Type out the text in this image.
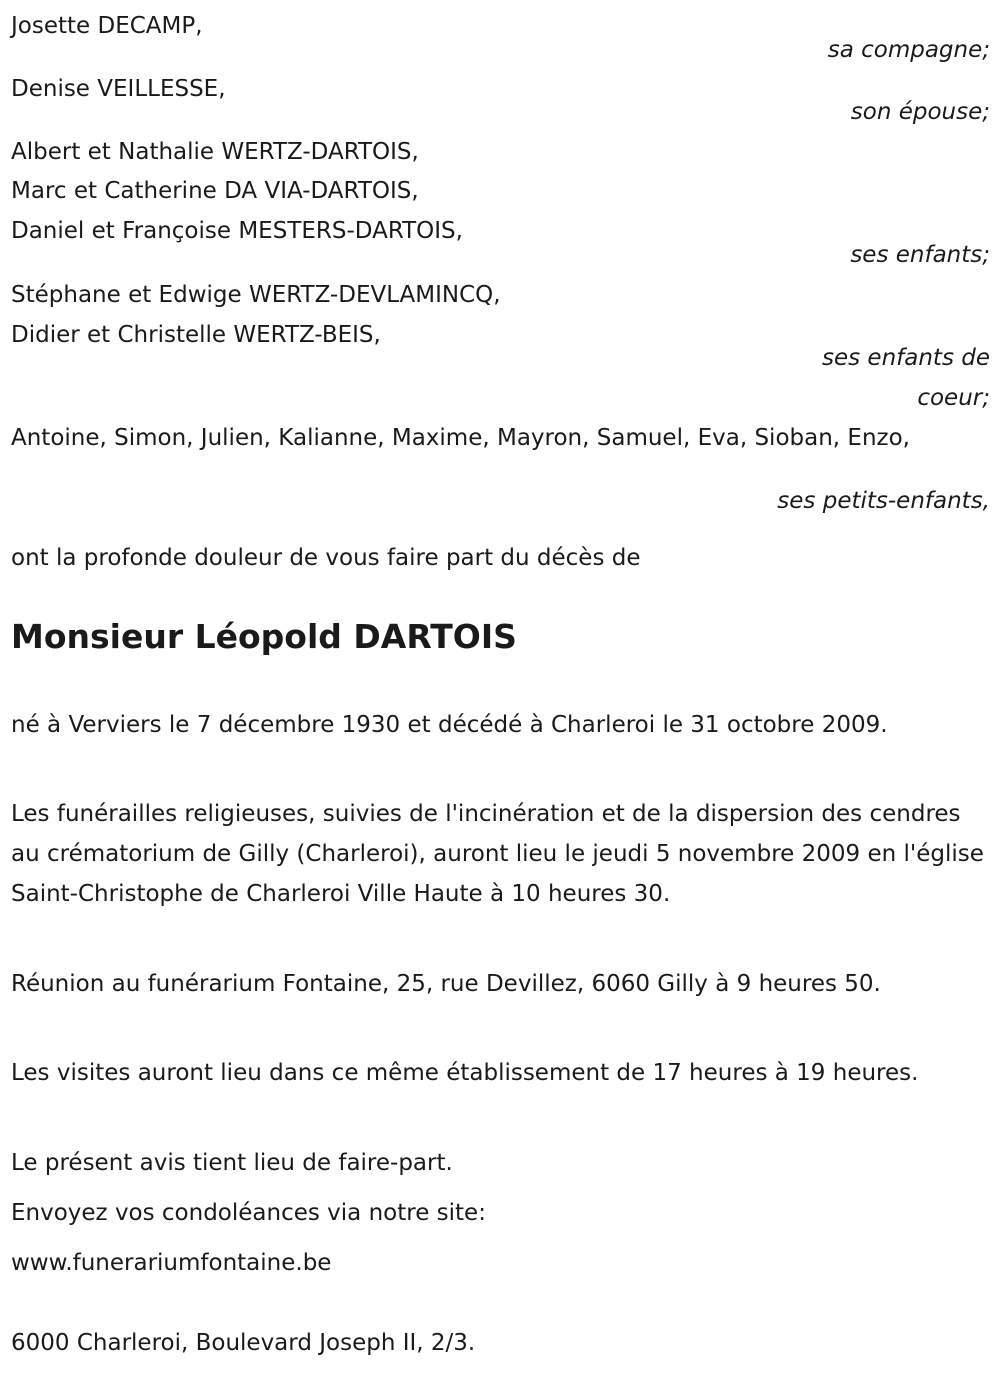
Josette DECAMP,
sa compagne;
Denise VEILLESSE,
son épouse;
Albert et Nathalie WERTZ-DARTOIS,
Marc et Catherine DA VIA-DARTOIS,
Daniel et Françoise MESTERS-DARTOIS,
ses enfants;
Stéphane et Edwige WERTZ-DEVLAMINCQ,
Didier et Christelle WERTZ-BEIS,
ses enfants de coeur;
Antoine, Simon, Julien, Kalianne, Maxime, Mayron, Samuel, Eva, Sioban, Enzo,
ses petits-enfants,
ont la profonde douleur de vous faire part du décès de
Monsieur Léopold DARTOIS
né à Verviers le 7 décembre 1930 et décédé à Charleroi le 31 octobre 2009.
Les funérailles religieuses, suivies de l'incinération et de la dispersion des cendres au crématorium de Gilly (Charleroi), auront lieu le jeudi 5 novembre 2009 en l'église Saint-Christophe de Charleroi Ville Haute à 10 heures 30.
Réunion au funérarium Fontaine, 25, rue Devillez, 6060 Gilly à 9 heures 50.
Les visites auront lieu dans ce même établissement de 17 heures à 19 heures.
Le présent avis tient lieu de faire-part.
Envoyez vos condoléances via notre site:
www.funerariumfontaine.be
6000 Charleroi, Boulevard Joseph II, 2/3.
